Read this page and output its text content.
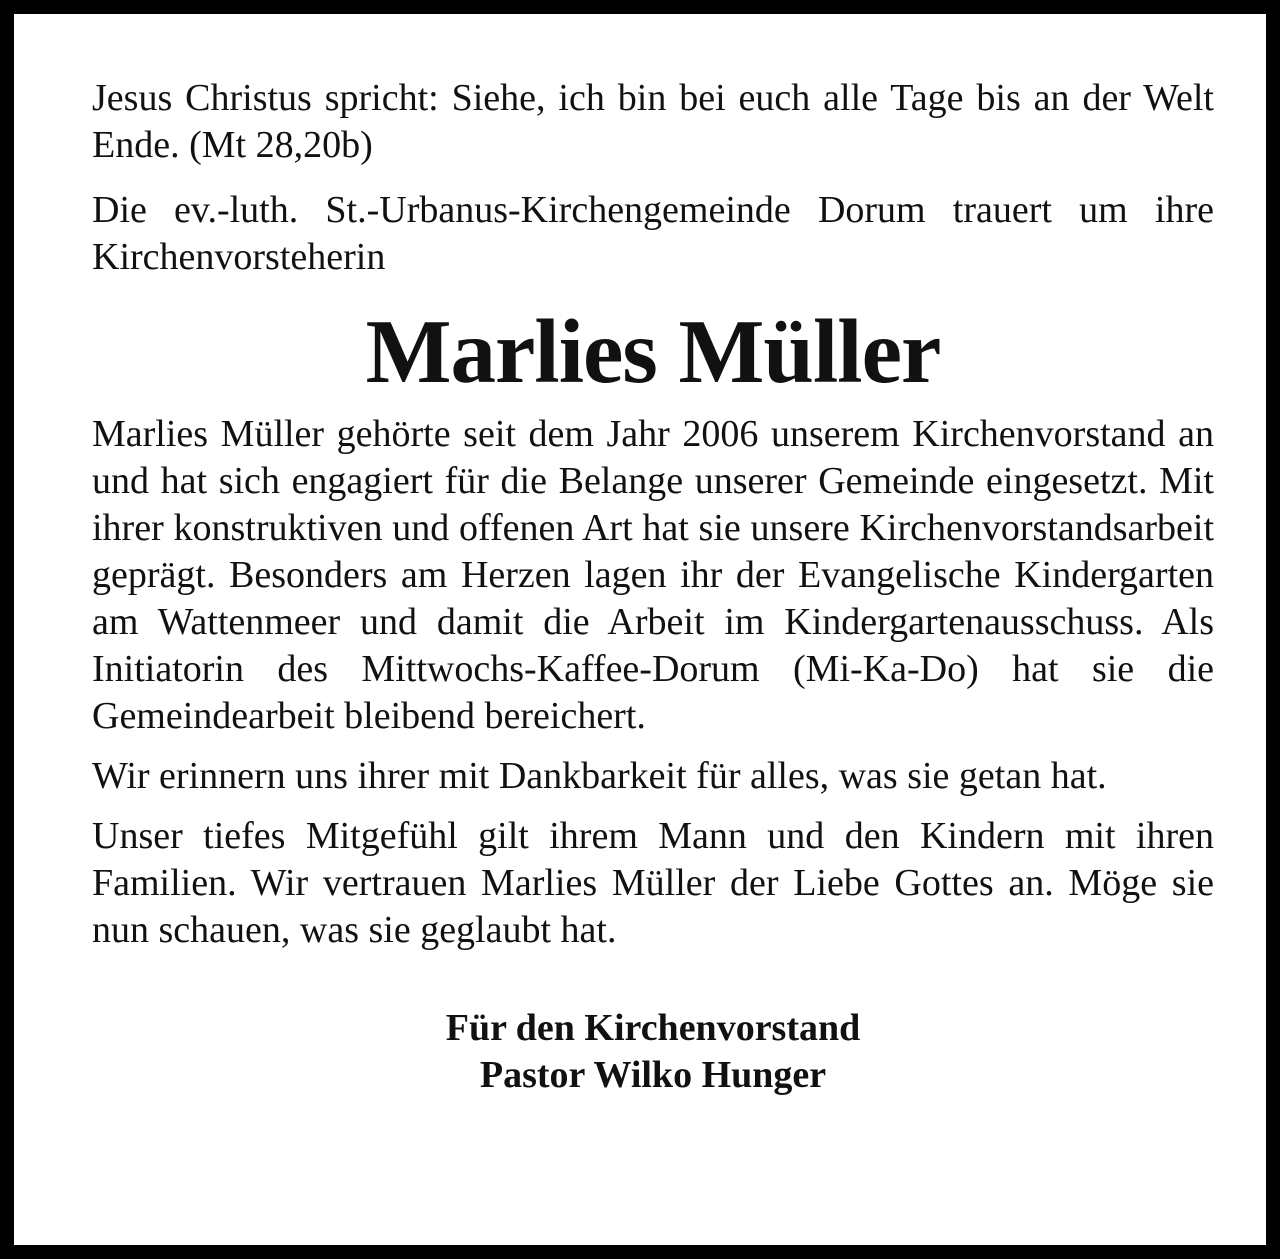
Jesus Christus spricht: Siehe, ich bin bei euch alle Tage bis an der Welt Ende. (Mt 28,20b)

Die ev.-luth. St.-Urbanus-Kirchengemeinde Dorum trauert um ihre Kirchenvorsteherin

Marlies Müller

Marlies Müller gehörte seit dem Jahr 2006 unserem Kirchenvorstand an und hat sich engagiert für die Belange unserer Gemeinde eingesetzt. Mit ihrer konstruktiven und offenen Art hat sie unsere Kirchenvorstandsarbeit geprägt. Besonders am Herzen lagen ihr der Evangelische Kindergarten am Wattenmeer und damit die Arbeit im Kindergartenausschuss. Als Initiatorin des Mittwochs-Kaffee-Dorum (Mi-Ka-Do) hat sie die Gemeindearbeit bleibend bereichert.

Wir erinnern uns ihrer mit Dankbarkeit für alles, was sie getan hat.

Unser tiefes Mitgefühl gilt ihrem Mann und den Kindern mit ihren Familien. Wir vertrauen Marlies Müller der Liebe Gottes an. Möge sie nun schauen, was sie geglaubt hat.

Für den Kirchenvorstand
Pastor Wilko Hunger
